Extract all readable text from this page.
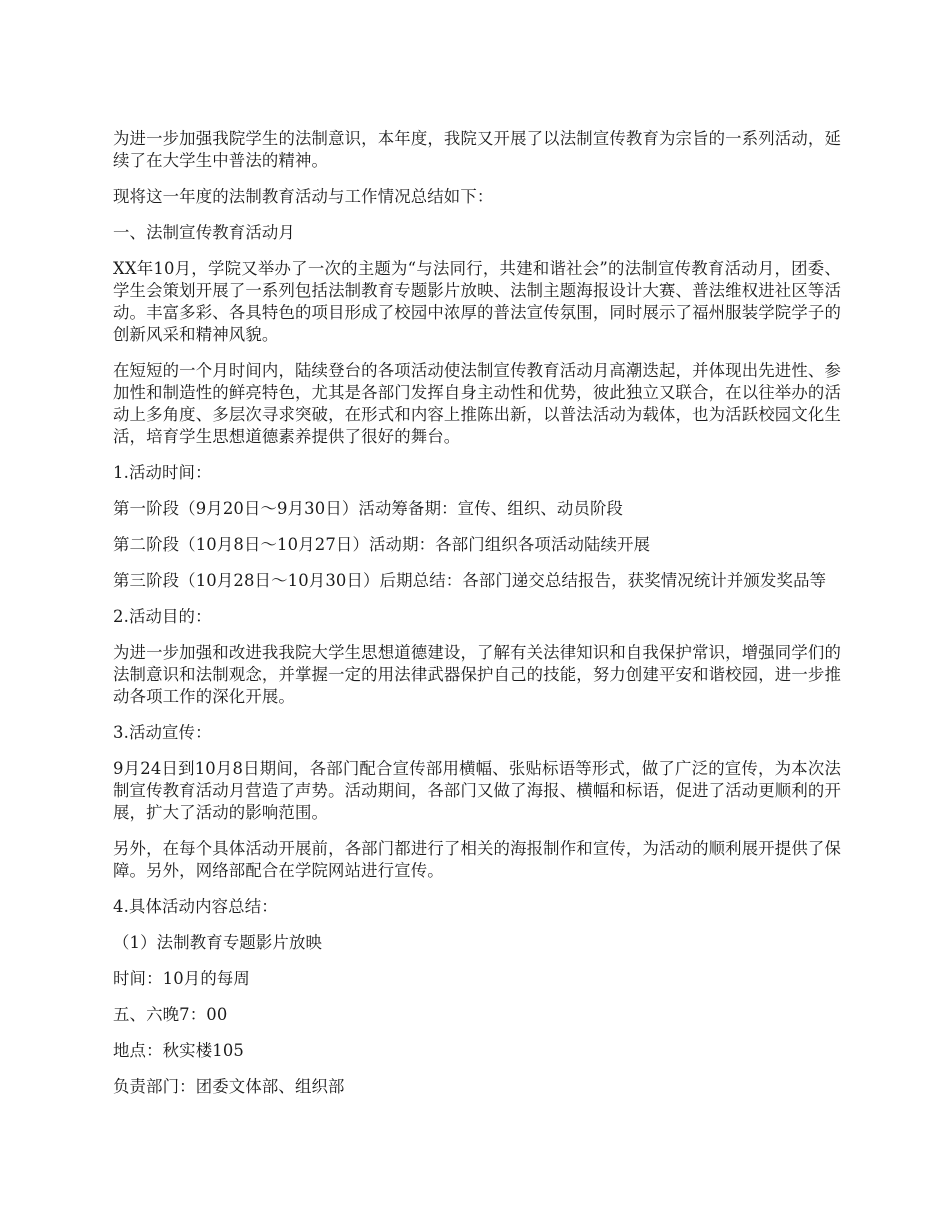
为进一步加强我院学生的法制意识，本年度，我院又开展了以法制宣传教育为宗旨的一系列活动，延续了在大学生中普法的精神。

现将这一年度的法制教育活动与工作情况总结如下：

一、法制宣传教育活动月

XX年10月，学院又举办了一次的主题为“与法同行，共建和谐社会”的法制宣传教育活动月，团委、学生会策划开展了一系列包括法制教育专题影片放映、法制主题海报设计大赛、普法维权进社区等活动。丰富多彩、各具特色的项目形成了校园中浓厚的普法宣传氛围，同时展示了福州服装学院学子的创新风采和精神风貌。

在短短的一个月时间内，陆续登台的各项活动使法制宣传教育活动月高潮迭起，并体现出先进性、参加性和制造性的鲜亮特色，尤其是各部门发挥自身主动性和优势，彼此独立又联合，在以往举办的活动上多角度、多层次寻求突破，在形式和内容上推陈出新，以普法活动为载体，也为活跃校园文化生活，培育学生思想道德素养提供了很好的舞台。

1.活动时间：

第一阶段（9月20日～9月30日）活动筹备期：宣传、组织、动员阶段

第二阶段（10月8日～10月27日）活动期：各部门组织各项活动陆续开展

第三阶段（10月28日～10月30日）后期总结：各部门递交总结报告，获奖情况统计并颁发奖品等

2.活动目的：

为进一步加强和改进我我院大学生思想道德建设，了解有关法律知识和自我保护常识，增强同学们的法制意识和法制观念，并掌握一定的用法律武器保护自己的技能，努力创建平安和谐校园，进一步推动各项工作的深化开展。

3.活动宣传：

9月24日到10月8日期间，各部门配合宣传部用横幅、张贴标语等形式，做了广泛的宣传，为本次法制宣传教育活动月营造了声势。活动期间，各部门又做了海报、横幅和标语，促进了活动更顺利的开展，扩大了活动的影响范围。

另外，在每个具体活动开展前，各部门都进行了相关的海报制作和宣传，为活动的顺利展开提供了保障。另外，网络部配合在学院网站进行宣传。

4.具体活动内容总结：

（1）法制教育专题影片放映

时间：10月的每周

五、六晚7：00

地点：秋实楼105

负责部门：团委文体部、组织部
